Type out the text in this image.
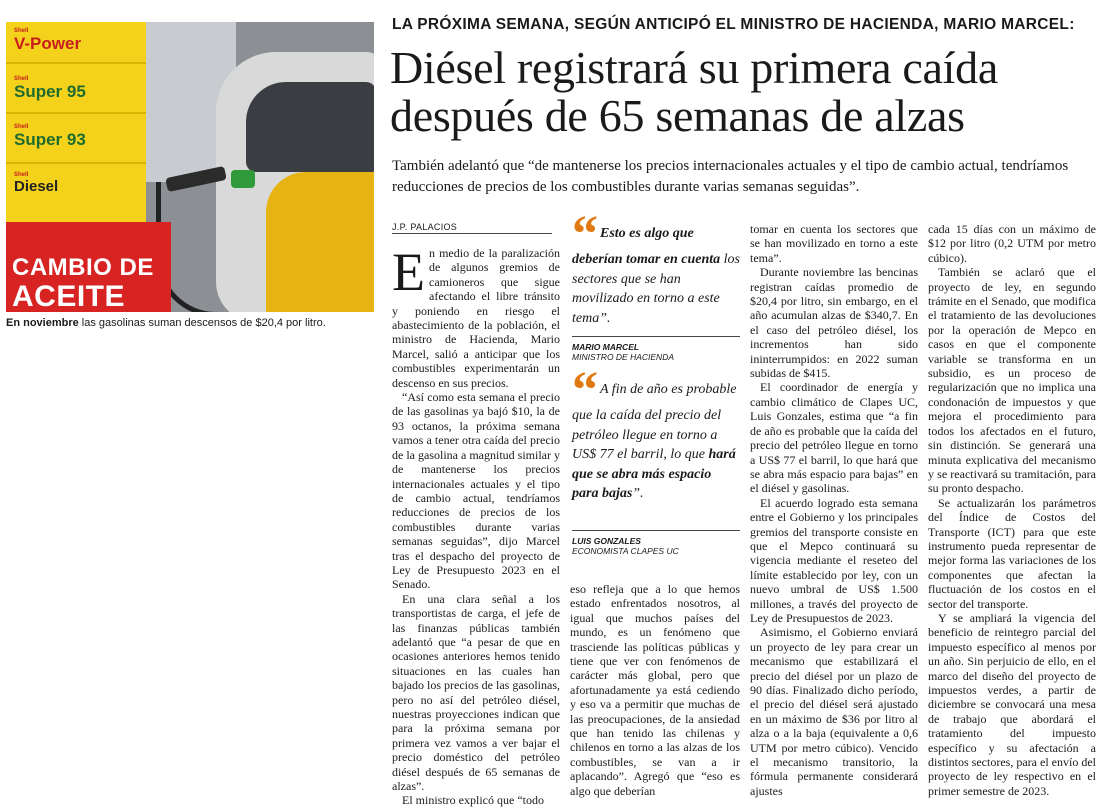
Shell
V-Power
Shell
Super 95
Shell
Super 93
Shell
Diesel
CAMBIO DE
ACEITE
En noviembre las gasolinas suman descensos de $20,4 por litro.
LA PRÓXIMA SEMANA, SEGÚN ANTICIPÓ EL MINISTRO DE HACIENDA, MARIO MARCEL:
Diésel registrará su primera caída después de 65 semanas de alzas
También adelantó que “de mantenerse los precios internacionales actuales y el tipo de cambio actual, tendríamos reducciones de precios de los combustibles durante varias semanas seguidas”.
J.P. PALACIOS

En medio de la paralización de algunos gremios de camioneros que sigue afectando el libre tránsito y poniendo en riesgo el abastecimiento de la población, el ministro de Hacienda, Mario Marcel, salió a anticipar que los combustibles experimentarán un descenso en sus precios.

“Así como esta semana el precio de las gasolinas ya bajó $10, la de 93 octanos, la próxima semana vamos a tener otra caída del precio de la gasolina a magnitud similar y de mantenerse los precios internacionales actuales y el tipo de cambio actual, tendríamos reducciones de precios de los combustibles durante varias semanas seguidas”, dijo Marcel tras el despacho del proyecto de Ley de Presupuesto 2023 en el Senado.

En una clara señal a los transportistas de carga, el jefe de las finanzas públicas también adelantó que “a pesar de que en ocasiones anteriores hemos tenido situaciones en las cuales han bajado los precios de las gasolinas, pero no así del petróleo diésel, nuestras proyecciones indican que para la próxima semana por primera vez vamos a ver bajar el precio doméstico del petróleo diésel después de 65 semanas de alzas”.

El ministro explicó que “todo

“ Esto es algo que deberían tomar en cuenta los sectores que se han movilizado en torno a este tema”.
MARIO MARCEL
MINISTRO DE HACIENDA
“ A fin de año es probable que la caída del precio del petróleo llegue en torno a US$ 77 el barril, lo que hará que se abra más espacio para bajas”.
LUIS GONZALES
ECONOMISTA CLAPES UC

eso refleja que a lo que hemos estado enfrentados nosotros, al igual que muchos países del mundo, es un fenómeno que trasciende las políticas públicas y tiene que ver con fenómenos de carácter más global, pero que afortunadamente ya está cediendo y eso va a permitir que muchas de las preocupaciones, de la ansiedad que han tenido las chilenas y chilenos en torno a las alzas de los combustibles, se van a ir aplacando”. Agregó que “eso es algo que deberían

tomar en cuenta los sectores que se han movilizado en torno a este tema”.

Durante noviembre las bencinas registran caídas promedio de $20,4 por litro, sin embargo, en el año acumulan alzas de $340,7. En el caso del petróleo diésel, los incrementos han sido ininterrumpidos: en 2022 suman subidas de $415.

El coordinador de energía y cambio climático de Clapes UC, Luis Gonzales, estima que “a fin de año es probable que la caída del precio del petróleo llegue en torno a US$ 77 el barril, lo que hará que se abra más espacio para bajas” en el diésel y gasolinas.

El acuerdo logrado esta semana entre el Gobierno y los principales gremios del transporte consiste en que el Mepco continuará su vigencia mediante el reseteo del límite establecido por ley, con un nuevo umbral de US$ 1.500 millones, a través del proyecto de Ley de Presupuestos de 2023.

Asimismo, el Gobierno enviará un proyecto de ley para crear un mecanismo que estabilizará el precio del diésel por un plazo de 90 días. Finalizado dicho período, el precio del diésel será ajustado en un máximo de $36 por litro al alza o a la baja (equivalente a 0,6 UTM por metro cúbico). Vencido el mecanismo transitorio, la fórmula permanente considerará ajustes

cada 15 días con un máximo de $12 por litro (0,2 UTM por metro cúbico).

También se aclaró que el proyecto de ley, en segundo trámite en el Senado, que modifica el tratamiento de las devoluciones por la operación de Mepco en casos en que el componente variable se transforma en un subsidio, es un proceso de regularización que no implica una condonación de impuestos y que mejora el procedimiento para todos los afectados en el futuro, sin distinción. Se generará una minuta explicativa del mecanismo y se reactivará su tramitación, para su pronto despacho.

Se actualizarán los parámetros del Índice de Costos del Transporte (ICT) para que este instrumento pueda representar de mejor forma las variaciones de los componentes que afectan la fluctuación de los costos en el sector del transporte.

Y se ampliará la vigencia del beneficio de reintegro parcial del impuesto específico al menos por un año. Sin perjuicio de ello, en el marco del diseño del proyecto de impuestos verdes, a partir de diciembre se convocará una mesa de trabajo que abordará el tratamiento del impuesto específico y su afectación a distintos sectores, para el envío del proyecto de ley respectivo en el primer semestre de 2023.
